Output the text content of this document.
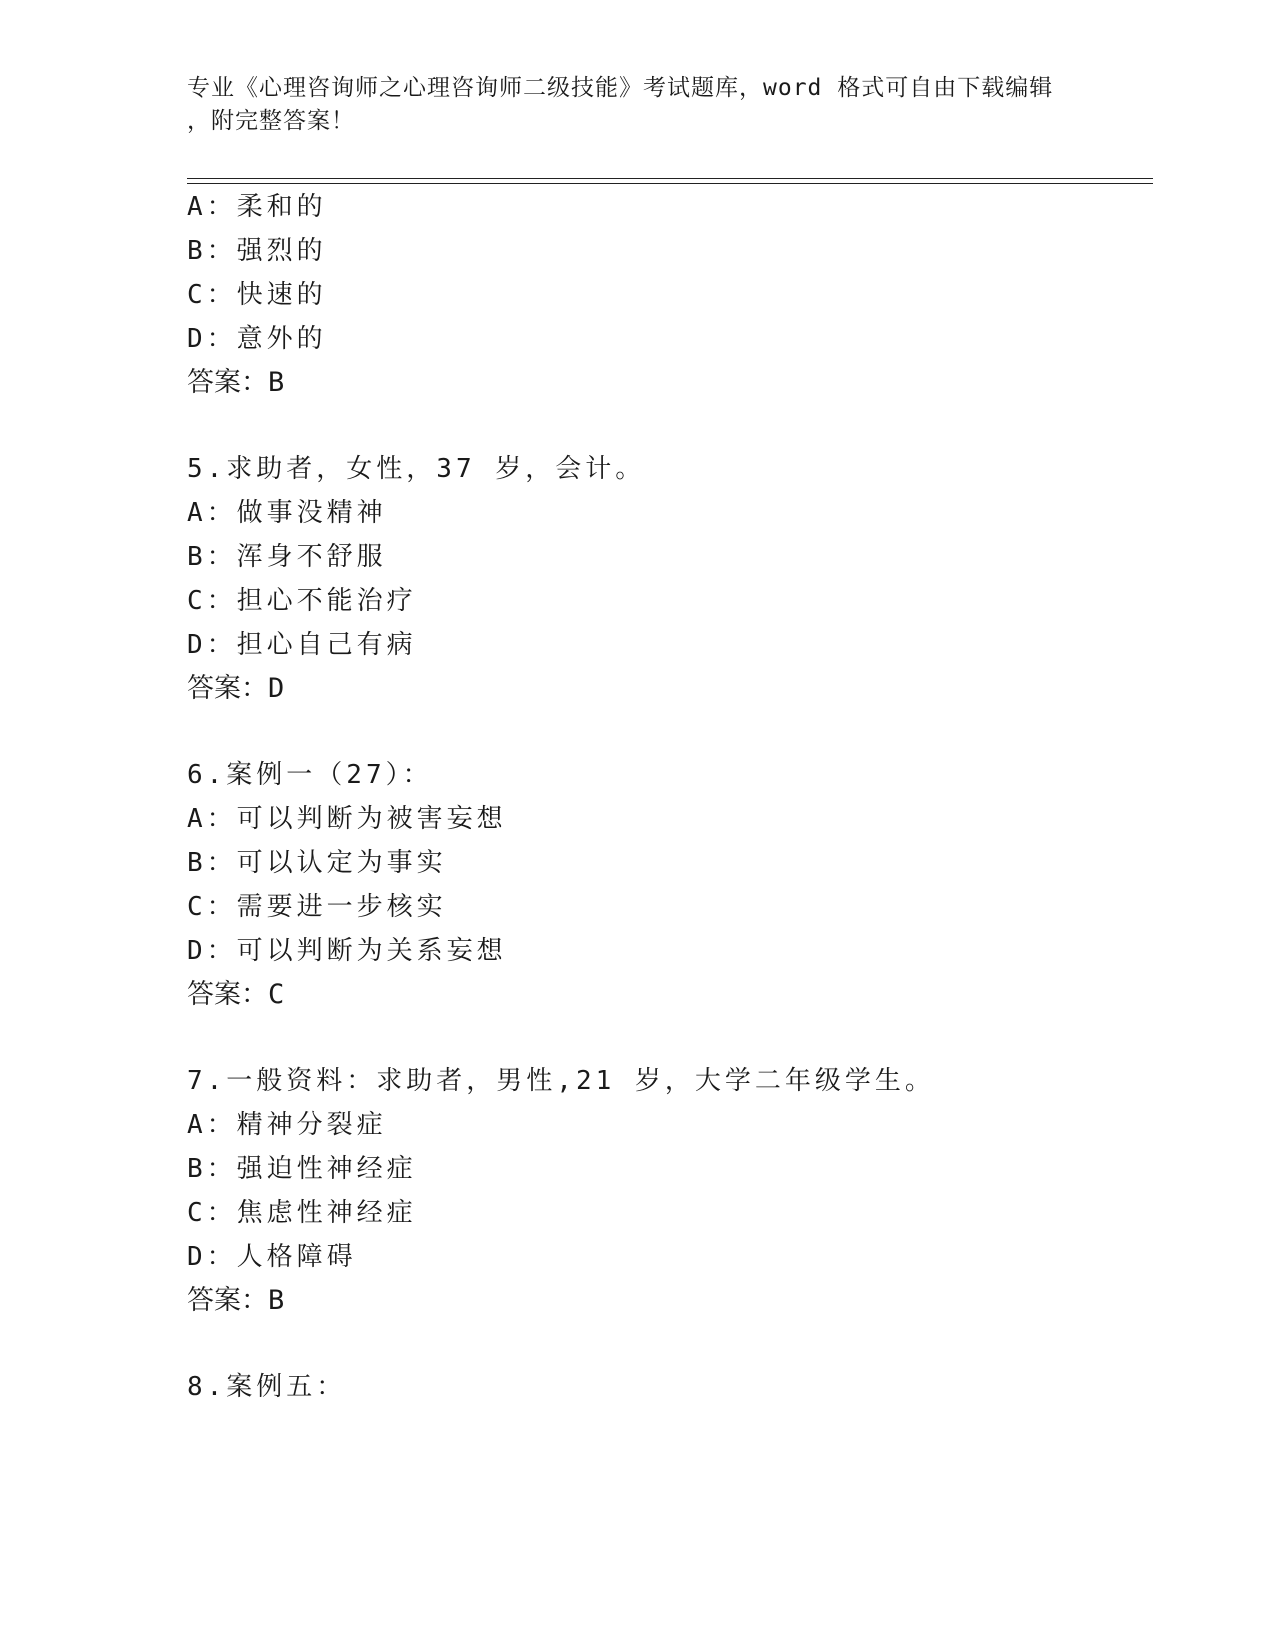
专业《心理咨询师之心理咨询师二级技能》考试题库，word 格式可自由下载编辑
，附完整答案！
A：柔和的
B：强烈的
C：快速的
D：意外的
答案：B
5.求助者，女性，37 岁，会计。
A：做事没精神
B：浑身不舒服
C：担心不能治疗
D：担心自己有病
答案：D
6.案例一（27）：
A：可以判断为被害妄想
B：可以认定为事实
C：需要进一步核实
D：可以判断为关系妄想
答案：C
7.一般资料：求助者，男性,21 岁，大学二年级学生。
A：精神分裂症
B：强迫性神经症
C：焦虑性神经症
D：人格障碍
答案：B
8.案例五：
